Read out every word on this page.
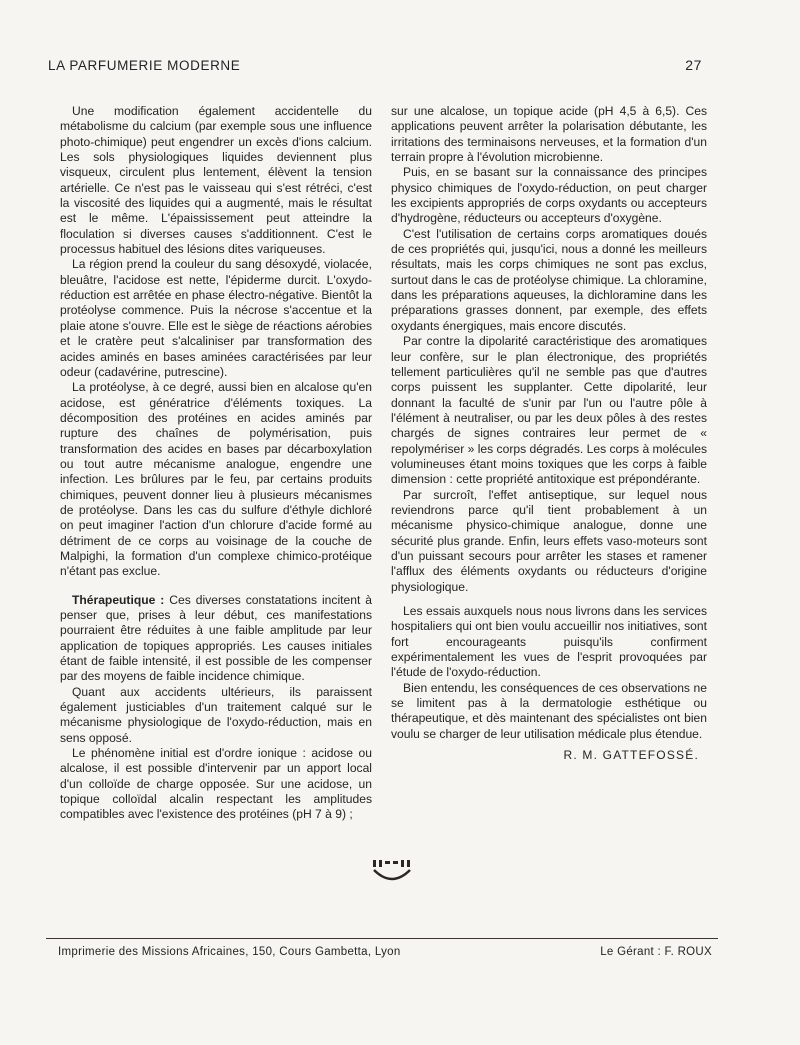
LA PARFUMERIE MODERNE	27

Une modification également accidentelle du métabolisme du calcium (par exemple sous une influence photo-chimique) peut engendrer un excès d'ions calcium. Les sols physiologiques liquides deviennent plus visqueux, circulent plus lentement, élèvent la tension artérielle. Ce n'est pas le vaisseau qui s'est rétréci, c'est la viscosité des liquides qui a augmenté, mais le résultat est le même. L'épaississement peut atteindre la floculation si diverses causes s'additionnent. C'est le processus habituel des lésions dites variqueuses.

La région prend la couleur du sang désoxydé, violacée, bleuâtre, l'acidose est nette, l'épiderme durcit. L'oxydo-réduction est arrêtée en phase électro-négative. Bientôt la protéolyse commence. Puis la nécrose s'accentue et la plaie atone s'ouvre. Elle est le siège de réactions aérobies et le cratère peut s'alcaliniser par transformation des acides aminés en bases aminées caractérisées par leur odeur (cadavérine, putrescine).

La protéolyse, à ce degré, aussi bien en alcalose qu'en acidose, est génératrice d'éléments toxiques. La décomposition des protéines en acides aminés par rupture des chaînes de polymérisation, puis transformation des acides en bases par décarboxylation ou tout autre mécanisme analogue, engendre une infection. Les brûlures par le feu, par certains produits chimiques, peuvent donner lieu à plusieurs mécanismes de protéolyse. Dans les cas du sulfure d'éthyle dichloré on peut imaginer l'action d'un chlorure d'acide formé au détriment de ce corps au voisinage de la couche de Malpighi, la formation d'un complexe chimico-protéique n'étant pas exclue.

Thérapeutique : Ces diverses constatations incitent à penser que, prises à leur début, ces manifestations pourraient être réduites à une faible amplitude par leur application de topiques appropriés. Les causes initiales étant de faible intensité, il est possible de les compenser par des moyens de faible incidence chimique.

Quant aux accidents ultérieurs, ils paraissent également justiciables d'un traitement calqué sur le mécanisme physiologique de l'oxydo-réduction, mais en sens opposé.

Le phénomène initial est d'ordre ionique : acidose ou alcalose, il est possible d'intervenir par un apport local d'un colloïde de charge opposée. Sur une acidose, un topique colloïdal alcalin respectant les amplitudes compatibles avec l'existence des protéines (pH 7 à 9) ;

sur une alcalose, un topique acide (pH 4,5 à 6,5). Ces applications peuvent arrêter la polarisation débutante, les irritations des terminaisons nerveuses, et la formation d'un terrain propre à l'évolution microbienne.

Puis, en se basant sur la connaissance des principes physico chimiques de l'oxydo-réduction, on peut charger les excipients appropriés de corps oxydants ou accepteurs d'hydrogène, réducteurs ou accepteurs d'oxygène.

C'est l'utilisation de certains corps aromatiques doués de ces propriétés qui, jusqu'ici, nous a donné les meilleurs résultats, mais les corps chimiques ne sont pas exclus, surtout dans le cas de protéolyse chimique. La chloramine, dans les préparations aqueuses, la dichloramine dans les préparations grasses donnent, par exemple, des effets oxydants énergiques, mais encore discutés.

Par contre la dipolarité caractéristique des aromatiques leur confère, sur le plan électronique, des propriétés tellement particulières qu'il ne semble pas que d'autres corps puissent les supplanter. Cette dipolarité, leur donnant la faculté de s'unir par l'un ou l'autre pôle à l'élément à neutraliser, ou par les deux pôles à des restes chargés de signes contraires leur permet de « repolymériser » les corps dégradés. Les corps à molécules volumineuses étant moins toxiques que les corps à faible dimension : cette propriété antitoxique est prépondérante.

Par surcroît, l'effet antiseptique, sur lequel nous reviendrons parce qu'il tient probablement à un mécanisme physico-chimique analogue, donne une sécurité plus grande. Enfin, leurs effets vaso-moteurs sont d'un puissant secours pour arrêter les stases et ramener l'afflux des éléments oxydants ou réducteurs d'origine physiologique.

Les essais auxquels nous nous livrons dans les services hospitaliers qui ont bien voulu accueillir nos initiatives, sont fort encourageants puisqu'ils confirment expérimentalement les vues de l'esprit provoquées par l'étude de l'oxydo-réduction.

Bien entendu, les conséquences de ces observations ne se limitent pas à la dermatologie esthétique ou thérapeutique, et dès maintenant des spécialistes ont bien voulu se charger de leur utilisation médicale plus étendue.

R. M. GATTEFOSSÉ.
Imprimerie des Missions Africaines, 150, Cours Gambetta, Lyon	Le Gérant : F. ROUX
